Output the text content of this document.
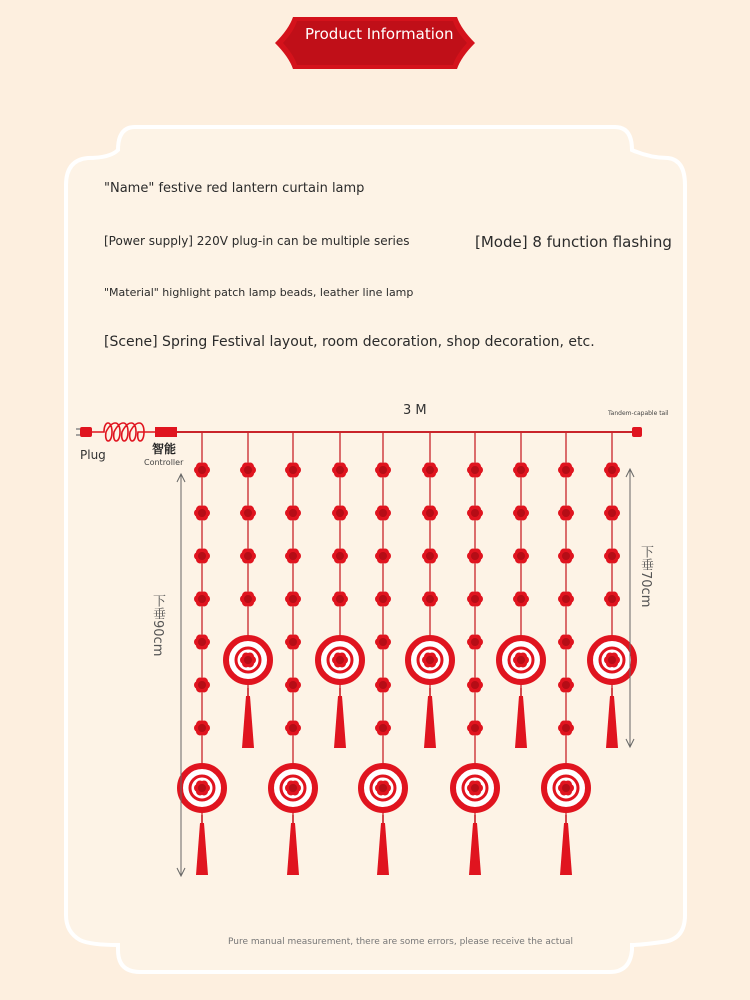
Product Information
"Name" festive red lantern curtain lamp
[Power supply] 220V plug-in can be multiple series	[Mode] 8 function flashing
"Material" highlight patch lamp beads, leather line lamp
[Scene] Spring Festival layout, room decoration, shop decoration, etc.
3 M	Tandem-capable tail
Plug	智能
Controller
下垂90cm
下垂70cm
Pure manual measurement, there are some errors, please receive the actual
